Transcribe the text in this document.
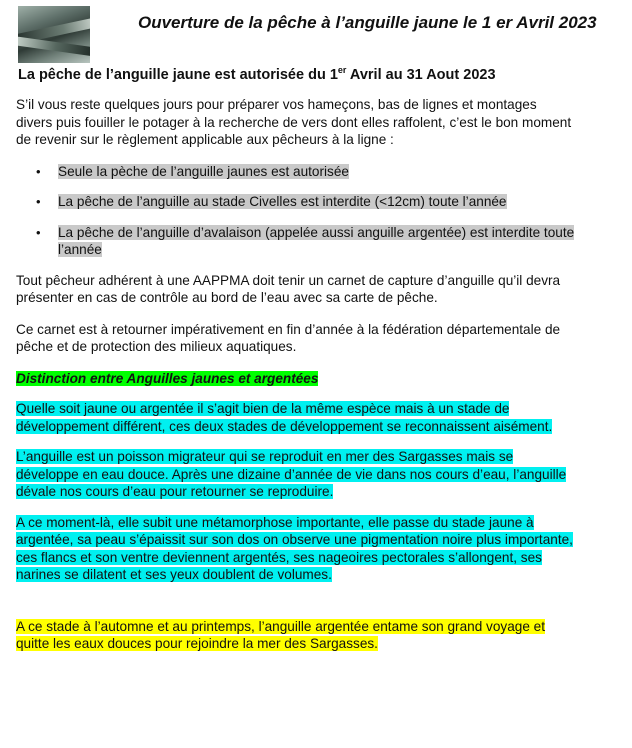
Ouverture de la pêche à l’anguille jaune le 1 er Avril 2023
La pêche de l’anguille jaune est autorisée du 1er Avril au 31 Aout 2023

S’il vous reste quelques jours pour préparer vos hameçons, bas de lignes et montages divers puis fouiller le potager à la recherche de vers dont elles raffolent, c’est le bon moment de revenir sur le règlement applicable aux pêcheurs à la ligne :

• Seule la pèche de l’anguille jaunes est autorisée
• La pêche de l’anguille au stade Civelles est interdite (<12cm) toute l’année
• La pêche de l’anguille d’avalaison (appelée aussi anguille argentée) est interdite toute l’année

Tout pêcheur adhérent à une AAPPMA doit tenir un carnet de capture d’anguille qu’il devra présenter en cas de contrôle au bord de l’eau avec sa carte de pêche.

Ce carnet est à retourner impérativement en fin d’année à la fédération départementale de pêche et de protection des milieux aquatiques.

Distinction entre Anguilles jaunes et argentées

Quelle soit jaune ou argentée il s’agit bien de la même espèce mais à un stade de développement différent, ces deux stades de développement se reconnaissent aisément.

L’anguille est un poisson migrateur qui se reproduit en mer des Sargasses mais se développe en eau douce. Après une dizaine d’année de vie dans nos cours d’eau, l’anguille dévale nos cours d’eau pour retourner se reproduire.

A ce moment-là, elle subit une métamorphose importante, elle passe du stade jaune à argentée, sa peau s’épaissit sur son dos on observe une pigmentation noire plus importante, ces flancs et son ventre deviennent argentés, ses nageoires pectorales s’allongent, ses narines se dilatent et ses yeux doublent de volumes.

A ce stade à l’automne et au printemps, l’anguille argentée entame son grand voyage et quitte les eaux douces pour rejoindre la mer des Sargasses.
